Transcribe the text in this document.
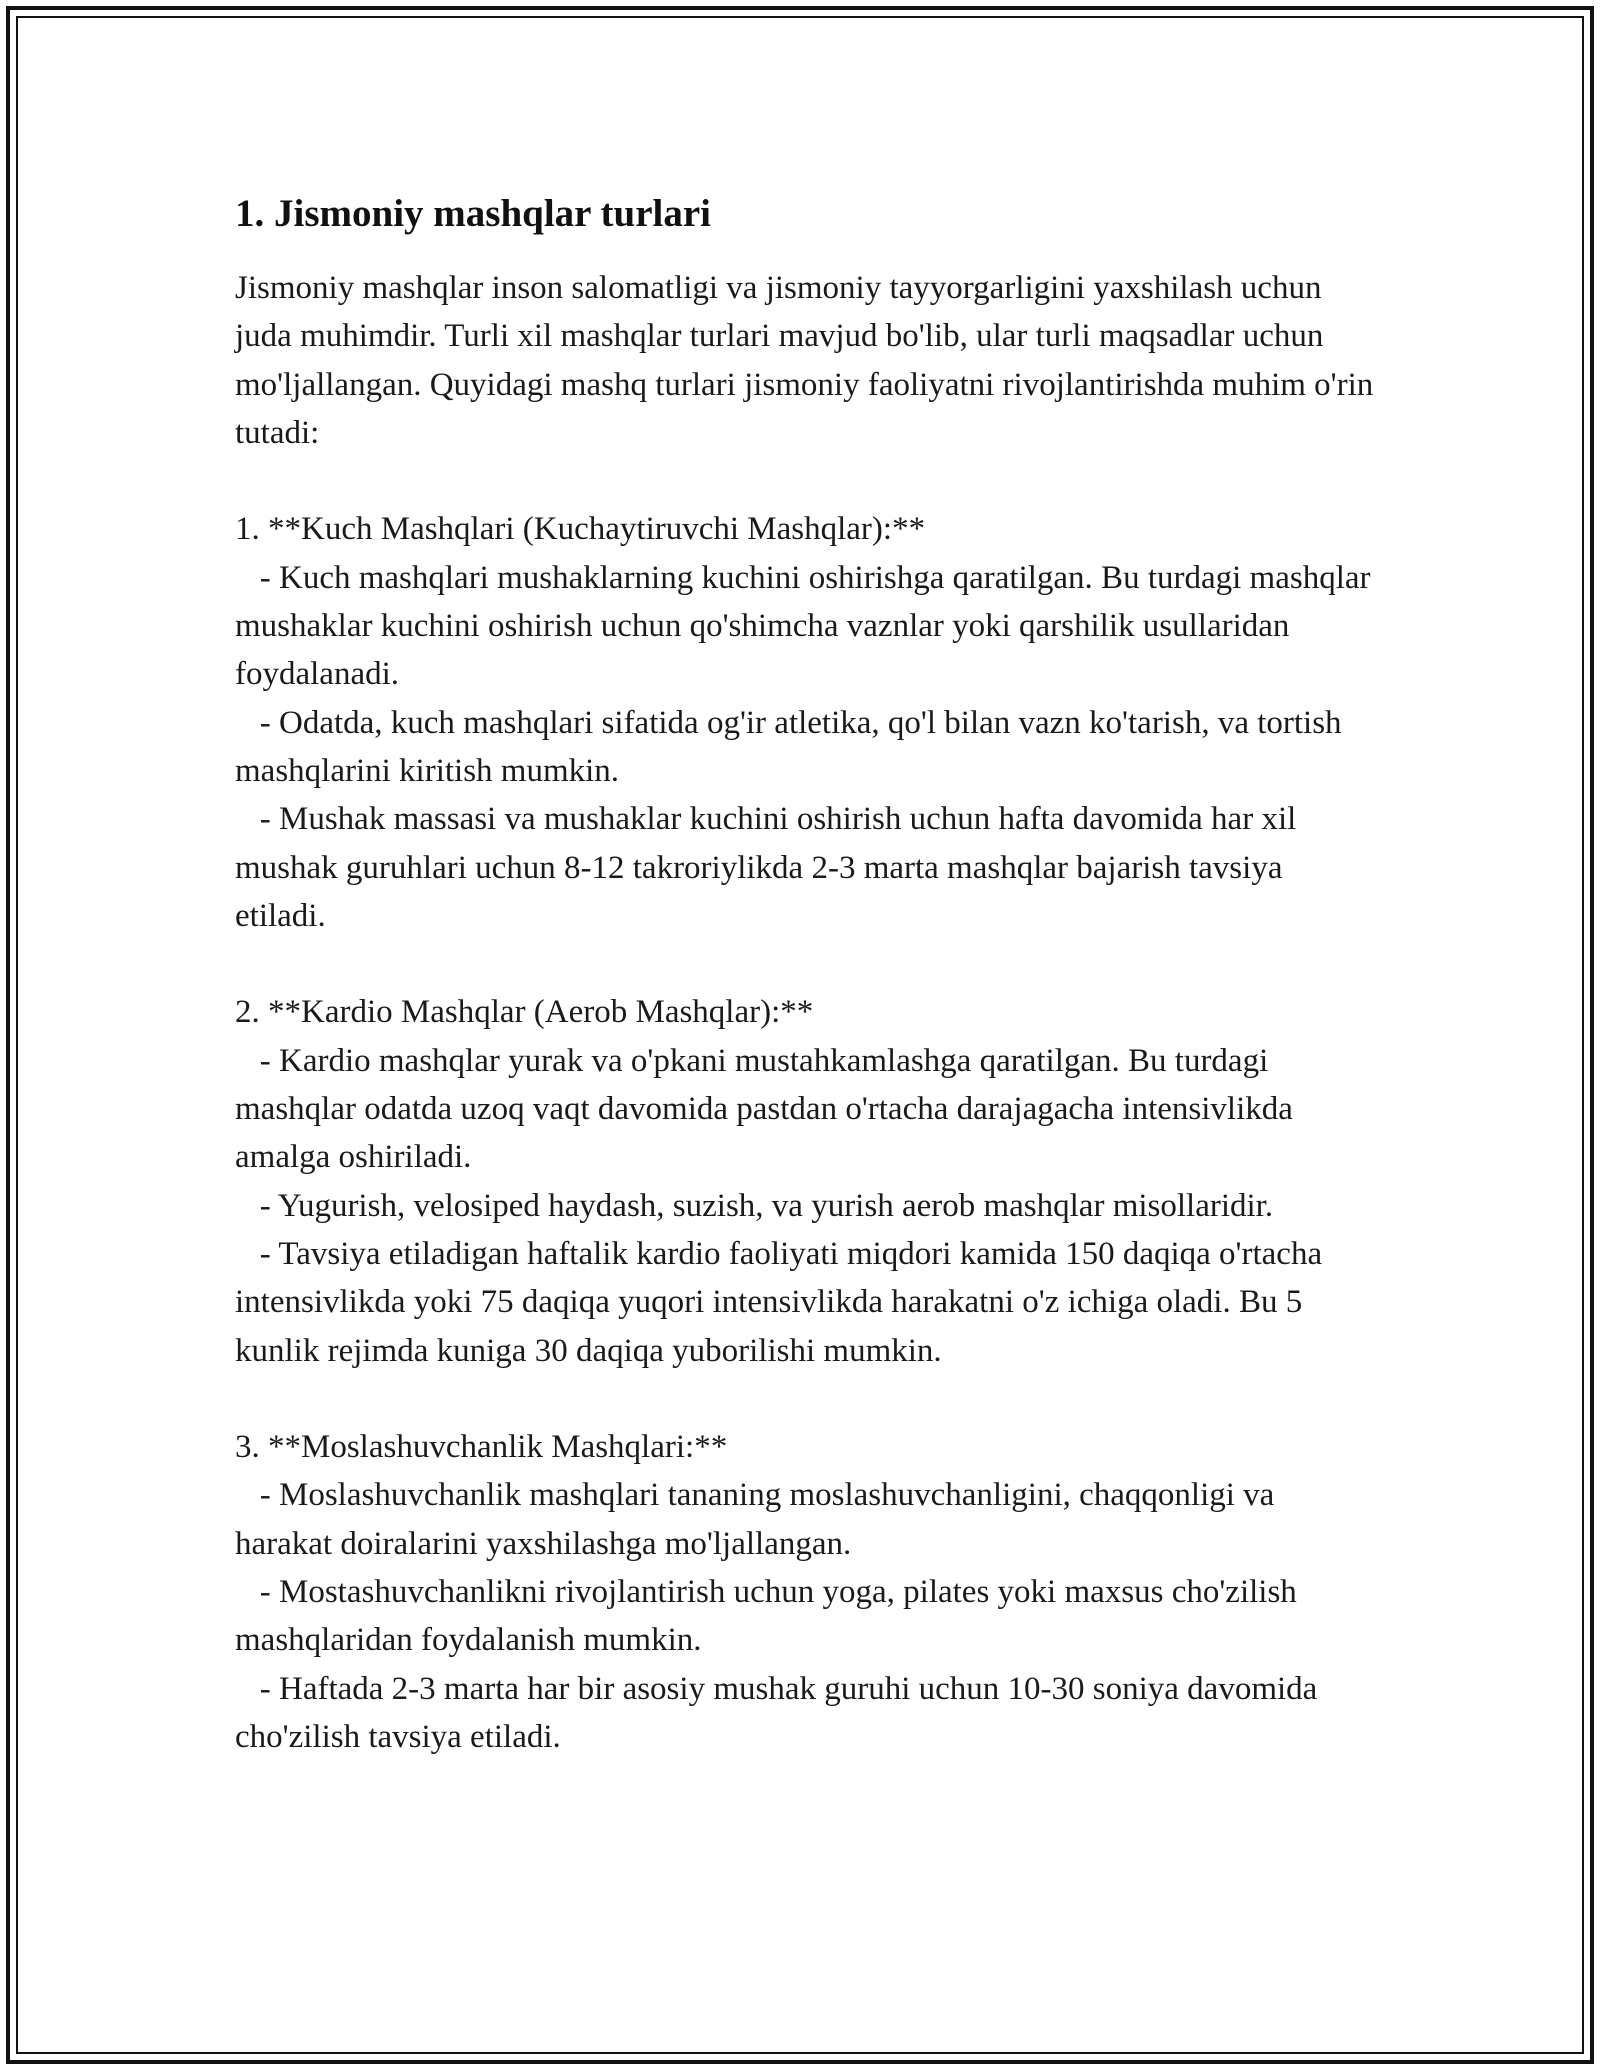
1. Jismoniy mashqlar turlari

Jismoniy mashqlar inson salomatligi va jismoniy tayyorgarligini yaxshilash uchun juda muhimdir. Turli xil mashqlar turlari mavjud bo'lib, ular turli maqsadlar uchun mo'ljallangan. Quyidagi mashq turlari jismoniy faoliyatni rivojlantirishda muhim o'rin tutadi:

1. **Kuch Mashqlari (Kuchaytiruvchi Mashqlar):**

- Kuch mashqlari mushaklarning kuchini oshirishga qaratilgan. Bu turdagi mashqlar mushaklar kuchini oshirish uchun qo'shimcha vaznlar yoki qarshilik usullaridan foydalanadi.

- Odatda, kuch mashqlari sifatida og'ir atletika, qo'l bilan vazn ko'tarish, va tortish mashqlarini kiritish mumkin.

- Mushak massasi va mushaklar kuchini oshirish uchun hafta davomida har xil mushak guruhlari uchun 8-12 takroriylikda 2-3 marta mashqlar bajarish tavsiya etiladi.

2. **Kardio Mashqlar (Aerob Mashqlar):**

- Kardio mashqlar yurak va o'pkani mustahkamlashga qaratilgan. Bu turdagi mashqlar odatda uzoq vaqt davomida pastdan o'rtacha darajagacha intensivlikda amalga oshiriladi.

- Yugurish, velosiped haydash, suzish, va yurish aerob mashqlar misollaridir.

- Tavsiya etiladigan haftalik kardio faoliyati miqdori kamida 150 daqiqa o'rtacha intensivlikda yoki 75 daqiqa yuqori intensivlikda harakatni o'z ichiga oladi. Bu 5 kunlik rejimda kuniga 30 daqiqa yuborilishi mumkin.

3. **Moslashuvchanlik Mashqlari:**

- Moslashuvchanlik mashqlari tananing moslashuvchanligini, chaqqonligi va harakat doiralarini yaxshilashga mo'ljallangan.

- Mostashuvchanlikni rivojlantirish uchun yoga, pilates yoki maxsus cho'zilish mashqlaridan foydalanish mumkin.

- Haftada 2-3 marta har bir asosiy mushak guruhi uchun 10-30 soniya davomida cho'zilish tavsiya etiladi.
